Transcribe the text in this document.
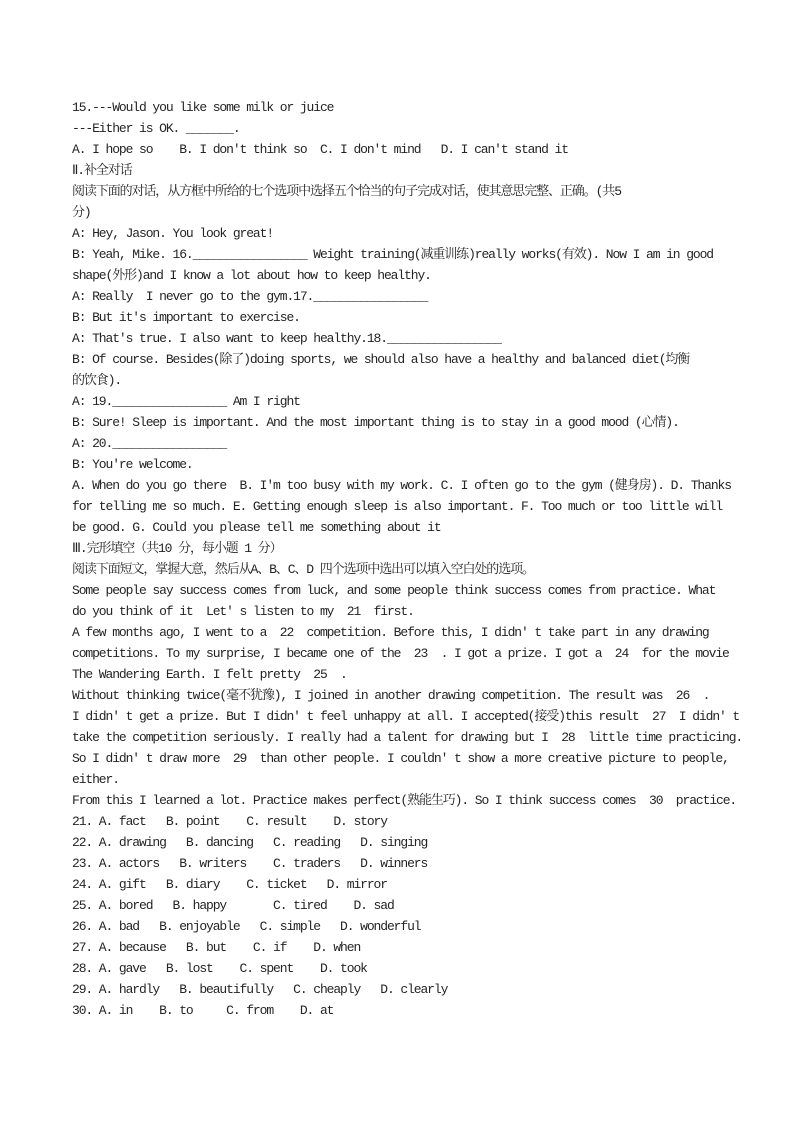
15.---Would you like some milk or juice

---Either is OK. _______.

A. I hope so    B. I don't think so  C. I don't mind   D. I can't stand it

Ⅱ.补全对话

阅读下面的对话，从方框中所给的七个选项中选择五个恰当的句子完成对话，使其意思完整、正确。(共5

分)

A: Hey, Jason. You look great!

B: Yeah, Mike. 16._________________ Weight training(减重训练)really works(有效). Now I am in good

shape(外形)and I know a lot about how to keep healthy.

A: Really  I never go to the gym.17._________________

B: But it's important to exercise.

A: That's true. I also want to keep healthy.18._________________

B: Of course. Besides(除了)doing sports, we should also have a healthy and balanced diet(均衡

的饮食).

A: 19._________________ Am I right

B: Sure! Sleep is important. And the most important thing is to stay in a good mood (心情).

A: 20._________________

B: You're welcome.

A. When do you go there  B. I'm too busy with my work. C. I often go to the gym (健身房). D. Thanks

for telling me so much. E. Getting enough sleep is also important. F. Too much or too little will

be good. G. Could you please tell me something about it

Ⅲ.完形填空（共10 分，每小题 1 分）

阅读下面短文，掌握大意，然后从A、B、C、D 四个选项中选出可以填入空白处的选项。

Some people say success comes from luck, and some people think success comes from practice. What

do you think of it  Let' s listen to my  21  first.

A few months ago, I went to a  22  competition. Before this, I didn' t take part in any drawing

competitions. To my surprise, I became one of the  23  . I got a prize. I got a  24  for the movie

The Wandering Earth. I felt pretty  25  .

Without thinking twice(毫不犹豫), I joined in another drawing competition. The result was  26  .

I didn' t get a prize. But I didn' t feel unhappy at all. I accepted(接受)this result  27  I didn' t

take the competition seriously. I really had a talent for drawing but I  28  little time practicing.

So I didn' t draw more  29  than other people. I couldn' t show a more creative picture to people,

either.

From this I learned a lot. Practice makes perfect(熟能生巧). So I think success comes  30  practice.

21. A. fact   B. point    C. result    D. story

22. A. drawing   B. dancing   C. reading   D. singing

23. A. actors   B. writers    C. traders   D. winners

24. A. gift   B. diary    C. ticket   D. mirror

25. A. bored   B. happy       C. tired    D. sad

26. A. bad   B. enjoyable   C. simple   D. wonderful

27. A. because   B. but    C. if    D. when

28. A. gave   B. lost    C. spent    D. took

29. A. hardly   B. beautifully   C. cheaply   D. clearly

30. A. in    B. to     C. from    D. at
